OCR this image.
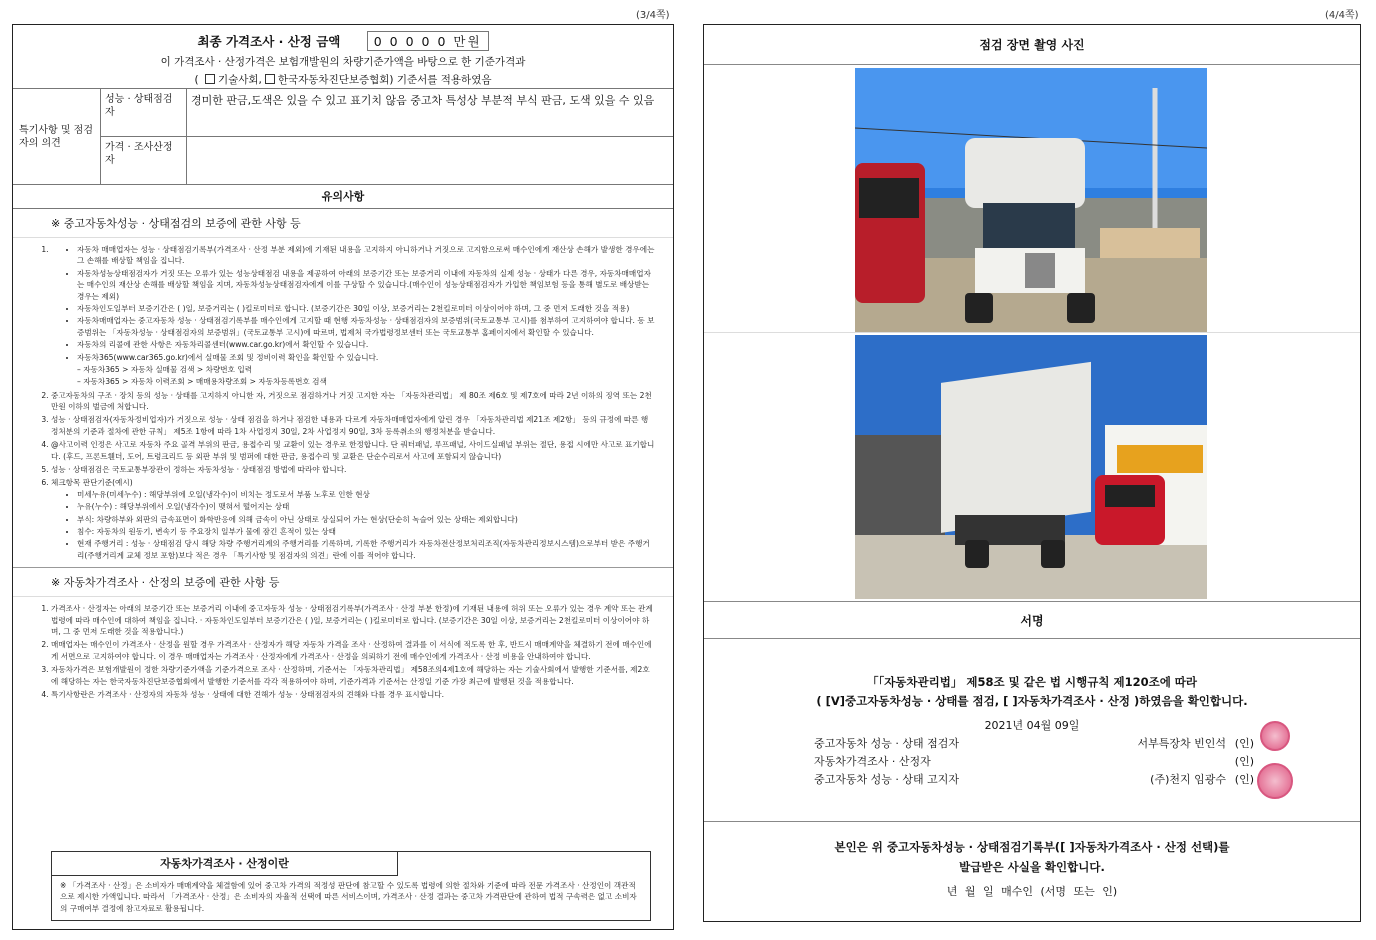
(3/4쪽)	(4/4쪽)
최종 가격조사 · 산정 금액	0 0 0 0 0 만원
이 가격조사 · 산정가격은 보험개발원의 차량기준가액을 바탕으로 한 기준가격과
( 기술사회, 한국자동차진단보증협회) 기준서를 적용하였음
특기사항 및 점검자의 의견
성능 · 상태점검자
경미한 판금,도색은 있을 수 있고 표기치 않음 중고차 특성상 부분적 부식 판금, 도색 있을 수 있음
가격 · 조사산정자
유의사항
※ 중고자동차성능 · 상태점검의 보증에 관한 사항 등
• 1. 자동차 매매업자는 성능 · 상태점검기록부(가격조사 · 산정 부분 제외)에 기재된 내용을 고지하지 아니하거나 거짓으로 고지함으로써 매수인에게 재산상 손해가 발생한 경우에는 그 손해를 배상할 책임을 집니다.
• 자동차성능상태점검자가 거짓 또는 오류가 있는 성능상태점검 내용을 제공하여 아래의 보증기간 또는 보증거리 이내에 자동차의 실제 성능 · 상태가 다른 경우, 자동차매매업자는 매수인의 재산상 손해를 배상할 책임을 지며, 자동차성능상태점검자에게 이를 구상할 수 있습니다.(매수인이 성능상태점검자가 가입한 책임보험 등을 통해 별도로 배상받는 경우는 제외)
• 자동차인도일부터 보증기간은 ( )일, 보증거리는 ( )킬로미터로 합니다. (보증기간은 30일 이상, 보증거리는 2천킬로미터 이상이어야 하며, 그 중 먼저 도래한 것을 적용)
• 자동차매매업자는 중고자동차 성능 · 상태점검기록부를 매수인에게 고지할 때 현행 자동차성능 · 상태점검자의 보증범위(국토교통부 고시)를 첨부하여 고지하여야 합니다. 동 보증범위는 「자동차성능 · 상태점검자의 보증범위」(국토교통부 고시)에 따르며, 법제처 국가법령정보센터 또는 국토교통부 홈페이지에서 확인할 수 있습니다.
• 자동차의 리콜에 관한 사항은 자동차리콜센터(www.car.go.kr)에서 확인할 수 있습니다.
• 자동차365(www.car365.go.kr)에서 실매물 조회 및 정비이력 확인을 확인할 수 있습니다.
– 자동차365 > 자동차 실매물 검색 > 차량번호 입력
– 자동차365 > 자동차 이력조회 > 매매용차량조회 > 자동차등록번호 검색
2. 중고자동차의 구조 · 장치 등의 성능 · 상태를 고지하지 아니한 자, 거짓으로 점검하거나 거짓 고지한 자는 「자동차관리법」 제 80조 제6호 및 제7호에 따라 2년 이하의 징역 또는 2천만원 이하의 벌금에 처합니다.
3. 성능 · 상태점검자(자동차정비업자)가 거짓으로 성능 · 상태 점검을 하거나 점검한 내용과 다르게 자동차매매업자에게 알린 경우 「자동차관리법 제21조 제2항」 등의 규정에 따른 행정처분의 기준과 절차에 관한 규칙」 제5조 1항에 따라 1차 사업정지 30일, 2차 사업정지 90일, 3차 등록취소의 행정처분을 받습니다.
4. @사고이력 인정은 사고로 자동차 주요 골격 부위의 판금, 용접수리 및 교환이 있는 경우로 한정합니다. 단 쿼터패널, 루프패널, 사이드실패널 부위는 절단, 용접 시에만 사고로 표기합니다. (후드, 프론트휀더, 도어, 트렁크리드 등 외판 부위 및 범퍼에 대한 판금, 용접수리 및 교환은 단순수리로서 사고에 포함되지 않습니다)
5. 성능 · 상태점검은 국토교통부장관이 정하는 자동차성능 · 상태점검 방법에 따라야 합니다.
6. 체크항목 판단기준(예시)
• 미세누유(미세누수) : 해당부위에 오일(냉각수)이 비치는 정도로서 부품 노후로 인한 현상
• 누유(누수) : 해당부위에서 오일(냉각수)이 맺혀서 떨어지는 상태
• 부식: 차량하부와 외판의 금속표면이 화학반응에 의해 금속이 아닌 상태로 상실되어 가는 현상(단순히 녹슬어 있는 상태는 제외합니다)
• 침수: 자동차의 원동기, 변속기 등 주요장치 일부가 물에 잠긴 흔적이 있는 상태
• 현재 주행거리 : 성능 · 상태점검 당시 해당 차량 주행거리계의 주행거리를 기록하며, 기록한 주행거리가 자동차전산정보처리조직(자동차관리정보시스템)으로부터 받은 주행거리(주행거리계 교체 정보 포함)보다 적은 경우 「특기사항 및 점검자의 의견」란에 이를 적어야 합니다.
※ 자동차가격조사 · 산정의 보증에 관한 사항 등
1. 가격조사 · 산정자는 아래의 보증기간 또는 보증거리 이내에 중고자동차 성능 · 상태점검기록부(가격조사 · 산정 부분 한정)에 기재된 내용에 허위 또는 오류가 있는 경우 계약 또는 관계법령에 따라 매수인에 대하여 책임을 집니다. · 자동차인도일부터 보증기간은 ( )일, 보증거리는 ( )킬로미터로 합니다. (보증기간은 30일 이상, 보증거리는 2천킬로미터 이상이어야 하며, 그 중 먼저 도래한 것을 적용합니다.)
2. 매매업자는 매수인이 가격조사 · 산정을 원할 경우 가격조사 · 산정자가 해당 자동차 가격을 조사 · 산정하여 결과를 이 서식에 적도록 한 후, 반드시 매매계약을 체결하기 전에 매수인에게 서면으로 고지하여야 합니다. 이 경우 매매업자는 가격조사 · 산정자에게 가격조사 · 산정을 의뢰하기 전에 매수인에게 가격조사 · 산정 비용을 안내하여야 합니다.
3. 자동차가격은 보험개발원이 정한 차량기준가액을 기준가격으로 조사 · 산정하며, 기준서는 「자동차관리법」 제58조의4제1호에 해당하는 자는 기술사회에서 발행한 기준서를, 제2호에 해당하는 자는 한국자동차진단보증협회에서 발행한 기준서를 각각 적용하여야 하며, 기준가격과 기준서는 산정일 기준 가장 최근에 발행된 것을 적용합니다.
4. 특기사항란은 가격조사 · 산정자의 자동차 성능 · 상태에 대한 견해가 성능 · 상태점검자의 견해와 다를 경우 표시합니다.
자동차가격조사 · 산정이란
※ 「가격조사 · 산정」은 소비자가 매매계약을 체결함에 있어 중고차 가격의 적정성 판단에 참고할 수 있도록 법령에 의한 절차와 기준에 따라 전문 가격조사 · 산정인이 객관적으로 제시한 가액입니다. 따라서 「가격조사 · 산정」은 소비자의 자율적 선택에 따른 서비스이며, 가격조사 · 산정 결과는 중고차 가격판단에 관하여 법적 구속력은 없고 소비자의 구매여부 결정에 참고자료로 활용됩니다.
점검 장면 촬영 사진
서명
「「자동차관리법」 제58조 및 같은 법 시행규칙 제120조에 따라
( [V]중고자동차성능 · 상태를 점검, [ ]자동차가격조사 · 산정 )하였음을 확인합니다.
2021년 04월 09일
중고자동차 성능 · 상태 점검자	서부특장차 빈인석 (인)
자동차가격조사 · 산정자	(인)
중고자동차 성능 · 상태 고지자	(주)천지 임광수 (인)
본인은 위 중고자동차성능 · 상태점검기록부([ ]자동차가격조사 · 산정 선택)를
발급받은 사실을 확인합니다.
년 월 일 매수인 (서명 또는 인)
